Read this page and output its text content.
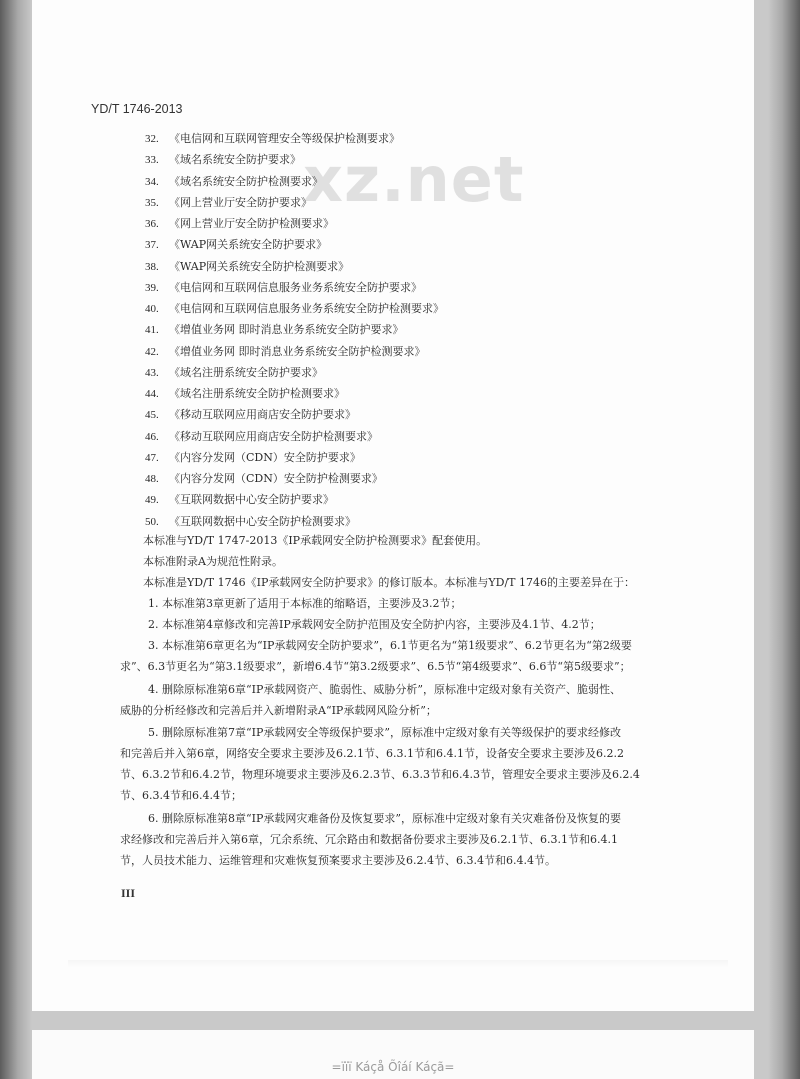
YD/T 1746-2013
xz.net
32. 《电信网和互联网管理安全等级保护检测要求》
33. 《域名系统安全防护要求》
34. 《域名系统安全防护检测要求》
35. 《网上营业厅安全防护要求》
36. 《网上营业厅安全防护检测要求》
37. 《WAP网关系统安全防护要求》
38. 《WAP网关系统安全防护检测要求》
39. 《电信网和互联网信息服务业务系统安全防护要求》
40. 《电信网和互联网信息服务业务系统安全防护检测要求》
41. 《增值业务网 即时消息业务系统安全防护要求》
42. 《增值业务网 即时消息业务系统安全防护检测要求》
43. 《域名注册系统安全防护要求》
44. 《域名注册系统安全防护检测要求》
45. 《移动互联网应用商店安全防护要求》
46. 《移动互联网应用商店安全防护检测要求》
47. 《内容分发网（CDN）安全防护要求》
48. 《内容分发网（CDN）安全防护检测要求》
49. 《互联网数据中心安全防护要求》
50. 《互联网数据中心安全防护检测要求》
本标准与YD/T 1747-2013《IP承载网安全防护检测要求》配套使用。
本标准附录A为规范性附录。
本标准是YD/T 1746《IP承载网安全防护要求》的修订版本。本标准与YD/T 1746的主要差异在于：
1. 本标准第3章更新了适用于本标准的缩略语，主要涉及3.2节；
2. 本标准第4章修改和完善IP承载网安全防护范围及安全防护内容，主要涉及4.1节、4.2节；
3. 本标准第6章更名为“IP承载网安全防护要求”，6.1节更名为“第1级要求”、6.2节更名为“第2级要
求”、6.3节更名为“第3.1级要求”，新增6.4节“第3.2级要求”、6.5节“第4级要求”、6.6节“第5级要求”；
4. 删除原标准第6章“IP承载网资产、脆弱性、威胁分析”，原标准中定级对象有关资产、脆弱性、
威胁的分析经修改和完善后并入新增附录A“IP承载网风险分析”；
5. 删除原标准第7章“IP承载网安全等级保护要求”，原标准中定级对象有关等级保护的要求经修改
和完善后并入第6章，网络安全要求主要涉及6.2.1节、6.3.1节和6.4.1节，设备安全要求主要涉及6.2.2
节、6.3.2节和6.4.2节，物理环境要求主要涉及6.2.3节、6.3.3节和6.4.3节，管理安全要求主要涉及6.2.4
节、6.3.4节和6.4.4节；
6. 删除原标准第8章“IP承载网灾难备份及恢复要求”，原标准中定级对象有关灾难备份及恢复的要
求经修改和完善后并入第6章，冗余系统、冗余路由和数据备份要求主要涉及6.2.1节、6.3.1节和6.4.1
节，人员技术能力、运维管理和灾难恢复预案要求主要涉及6.2.4节、6.3.4节和6.4.4节。
III
=ïïï Káçå Õîáí Káçã=
